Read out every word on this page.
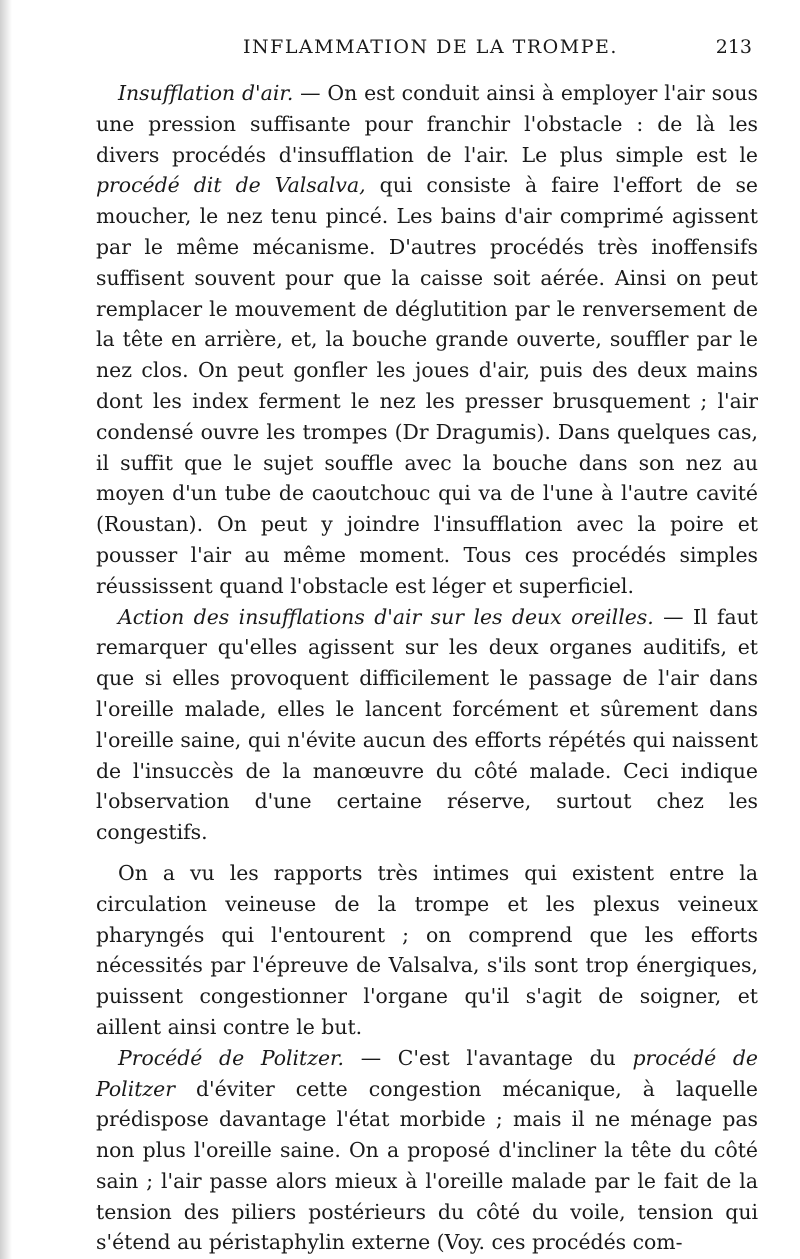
INFLAMMATION DE LA TROMPE.	213

Insufflation d'air. — On est conduit ainsi à employer l'air sous une pression suffisante pour franchir l'obstacle : de là les divers procédés d'insufflation de l'air. Le plus simple est le procédé dit de Valsalva, qui consiste à faire l'effort de se moucher, le nez tenu pincé. Les bains d'air comprimé agissent par le même mécanisme. D'autres procédés très inoffensifs suffisent souvent pour que la caisse soit aérée. Ainsi on peut remplacer le mouvement de déglutition par le renversement de la tête en arrière, et, la bouche grande ouverte, souffler par le nez clos. On peut gonfler les joues d'air, puis des deux mains dont les index ferment le nez les presser brusquement ; l'air condensé ouvre les trompes (Dr Dragumis). Dans quelques cas, il suffit que le sujet souffle avec la bouche dans son nez au moyen d'un tube de caoutchouc qui va de l'une à l'autre cavité (Roustan). On peut y joindre l'insufflation avec la poire et pousser l'air au même moment. Tous ces procédés simples réussissent quand l'obstacle est léger et superficiel.

Action des insufflations d'air sur les deux oreilles. — Il faut remarquer qu'elles agissent sur les deux organes auditifs, et que si elles provoquent difficilement le passage de l'air dans l'oreille malade, elles le lancent forcément et sûrement dans l'oreille saine, qui n'évite aucun des efforts répétés qui naissent de l'insuccès de la manœuvre du côté malade. Ceci indique l'observation d'une certaine réserve, surtout chez les congestifs.

On a vu les rapports très intimes qui existent entre la circulation veineuse de la trompe et les plexus veineux pharyngés qui l'entourent ; on comprend que les efforts nécessités par l'épreuve de Valsalva, s'ils sont trop énergiques, puissent congestionner l'organe qu'il s'agit de soigner, et aillent ainsi contre le but.

Procédé de Politzer. — C'est l'avantage du procédé de Politzer d'éviter cette congestion mécanique, à laquelle prédispose davantage l'état morbide ; mais il ne ménage pas non plus l'oreille saine. On a proposé d'incliner la tête du côté sain ; l'air passe alors mieux à l'oreille malade par le fait de la tension des piliers postérieurs du côté du voile, tension qui s'étend au péristaphylin externe (Voy. ces procédés com-
